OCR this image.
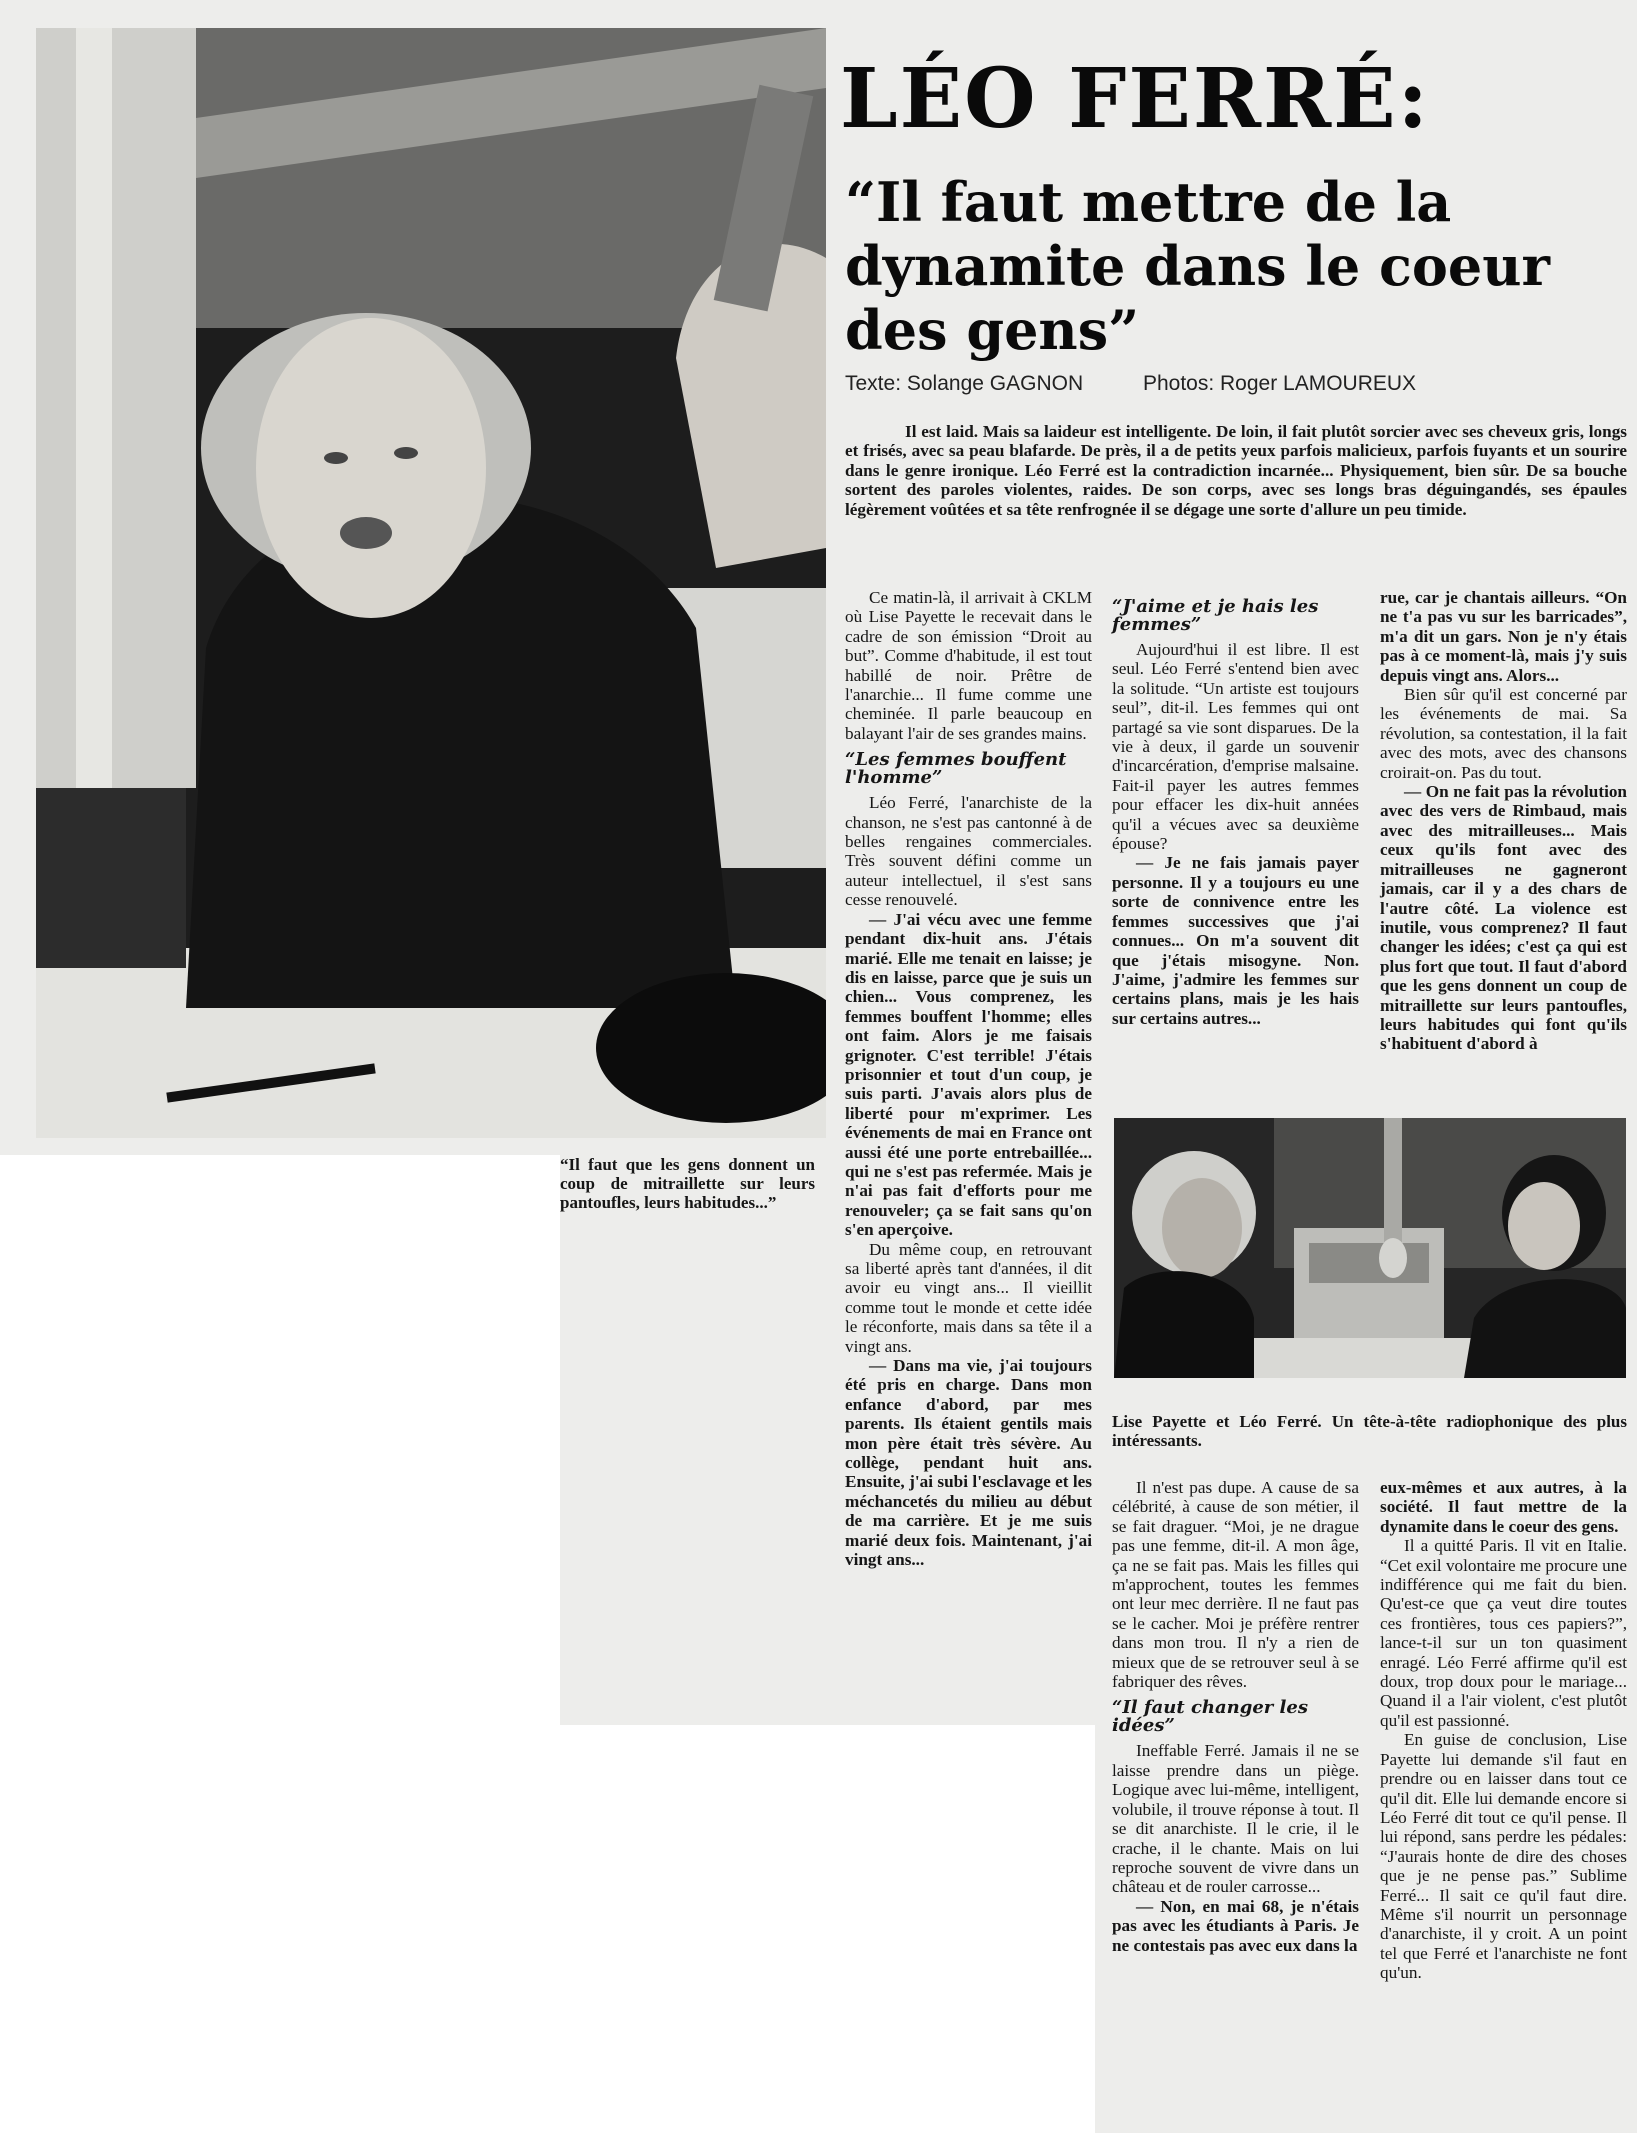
“Il faut que les gens donnent un coup de mitraillette sur leurs pantoufles, leurs habitudes...”
LÉO FERRÉ:
“Il faut mettre de la dynamite dans le coeur des gens”
Texte: Solange GAGNON	Photos: Roger LAMOUREUX
Il est laid. Mais sa laideur est intelligente. De loin, il fait plutôt sorcier avec ses cheveux gris, longs et frisés, avec sa peau blafarde. De près, il a de petits yeux parfois malicieux, parfois fuyants et un sourire dans le genre ironique. Léo Ferré est la contradiction incarnée... Physiquement, bien sûr. De sa bouche sortent des paroles violentes, raides. De son corps, avec ses longs bras déguingandés, ses épaules légèrement voûtées et sa tête renfrognée il se dégage une sorte d'allure un peu timide.

Ce matin-là, il arrivait à CKLM où Lise Payette le recevait dans le cadre de son émission “Droit au but”. Comme d'habitude, il est tout habillé de noir. Prêtre de l'anarchie... Il fume comme une cheminée. Il parle beaucoup en balayant l'air de ses grandes mains.

“Les femmes bouffent l'homme”

Léo Ferré, l'anarchiste de la chanson, ne s'est pas cantonné à de belles rengaines commerciales. Très souvent défini comme un auteur intellectuel, il s'est sans cesse renouvelé.

— J'ai vécu avec une femme pendant dix-huit ans. J'étais marié. Elle me tenait en laisse; je dis en laisse, parce que je suis un chien... Vous comprenez, les femmes bouffent l'homme; elles ont faim. Alors je me faisais grignoter. C'est terrible! J'étais prisonnier et tout d'un coup, je suis parti. J'avais alors plus de liberté pour m'exprimer. Les événements de mai en France ont aussi été une porte entrebaillée... qui ne s'est pas refermée. Mais je n'ai pas fait d'efforts pour me renouveler; ça se fait sans qu'on s'en aperçoive.

Du même coup, en retrouvant sa liberté après tant d'années, il dit avoir eu vingt ans... Il vieillit comme tout le monde et cette idée le réconforte, mais dans sa tête il a vingt ans.

— Dans ma vie, j'ai toujours été pris en charge. Dans mon enfance d'abord, par mes parents. Ils étaient gentils mais mon père était très sévère. Au collège, pendant huit ans. Ensuite, j'ai subi l'esclavage et les méchancetés du milieu au début de ma carrière. Et je me suis marié deux fois. Maintenant, j'ai vingt ans...

“J'aime et je hais les femmes”

Aujourd'hui il est libre. Il est seul. Léo Ferré s'entend bien avec la solitude. “Un artiste est toujours seul”, dit-il. Les femmes qui ont partagé sa vie sont disparues. De la vie à deux, il garde un souvenir d'incarcération, d'emprise malsaine. Fait-il payer les autres femmes pour effacer les dix-huit années qu'il a vécues avec sa deuxième épouse?

— Je ne fais jamais payer personne. Il y a toujours eu une sorte de connivence entre les femmes successives que j'ai connues... On m'a souvent dit que j'étais misogyne. Non. J'aime, j'admire les femmes sur certains plans, mais je les hais sur certains autres...

rue, car je chantais ailleurs. “On ne t'a pas vu sur les barricades”, m'a dit un gars. Non je n'y étais pas à ce moment-là, mais j'y suis depuis vingt ans. Alors...

Bien sûr qu'il est concerné par les événements de mai. Sa révolution, sa contestation, il la fait avec des mots, avec des chansons croirait-on. Pas du tout.

— On ne fait pas la révolution avec des vers de Rimbaud, mais avec des mitrailleuses... Mais ceux qu'ils font avec des mitrailleuses ne gagneront jamais, car il y a des chars de l'autre côté. La violence est inutile, vous comprenez? Il faut changer les idées; c'est ça qui est plus fort que tout. Il faut d'abord que les gens donnent un coup de mitraillette sur leurs pantoufles, leurs habitudes qui font qu'ils s'habituent d'abord à

Lise Payette et Léo Ferré. Un tête-à-tête radiophonique des plus intéressants.

Il n'est pas dupe. A cause de sa célébrité, à cause de son métier, il se fait draguer. “Moi, je ne drague pas une femme, dit-il. A mon âge, ça ne se fait pas. Mais les filles qui m'approchent, toutes les femmes ont leur mec derrière. Il ne faut pas se le cacher. Moi je préfère rentrer dans mon trou. Il n'y a rien de mieux que de se retrouver seul à se fabriquer des rêves.

“Il faut changer les idées”

Ineffable Ferré. Jamais il ne se laisse prendre dans un piège. Logique avec lui-même, intelligent, volubile, il trouve réponse à tout. Il se dit anarchiste. Il le crie, il le crache, il le chante. Mais on lui reproche souvent de vivre dans un château et de rouler carrosse...

— Non, en mai 68, je n'étais pas avec les étudiants à Paris. Je ne contestais pas avec eux dans la

eux-mêmes et aux autres, à la société. Il faut mettre de la dynamite dans le coeur des gens.

Il a quitté Paris. Il vit en Italie. “Cet exil volontaire me procure une indifférence qui me fait du bien. Qu'est-ce que ça veut dire toutes ces frontières, tous ces papiers?”, lance-t-il sur un ton quasiment enragé. Léo Ferré affirme qu'il est doux, trop doux pour le mariage... Quand il a l'air violent, c'est plutôt qu'il est passionné.

En guise de conclusion, Lise Payette lui demande s'il faut en prendre ou en laisser dans tout ce qu'il dit. Elle lui demande encore si Léo Ferré dit tout ce qu'il pense. Il lui répond, sans perdre les pédales: “J'aurais honte de dire des choses que je ne pense pas.” Sublime Ferré... Il sait ce qu'il faut dire. Même s'il nourrit un personnage d'anarchiste, il y croit. A un point tel que Ferré et l'anarchiste ne font qu'un.
